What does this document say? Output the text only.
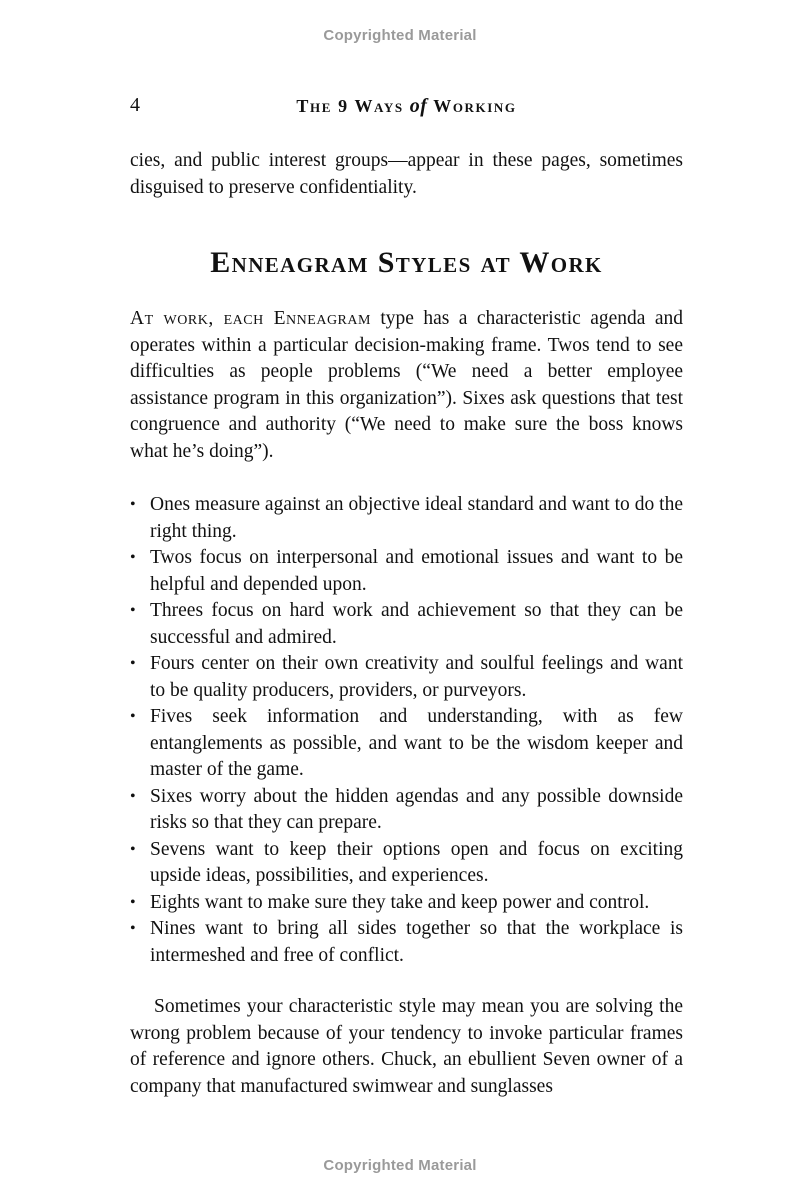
Copyrighted Material
4	The 9 Ways of Working

cies, and public interest groups—appear in these pages, sometimes disguised to preserve confidentiality.

Enneagram Styles at Work

At work, each Enneagram type has a characteristic agenda and operates within a particular decision-making frame. Twos tend to see difficulties as people problems (“We need a better employee assistance program in this organization”). Sixes ask questions that test congruence and authority (“We need to make sure the boss knows what he’s doing”).

• Ones measure against an objective ideal standard and want to do the right thing.
• Twos focus on interpersonal and emotional issues and want to be helpful and depended upon.
• Threes focus on hard work and achievement so that they can be successful and admired.
• Fours center on their own creativity and soulful feelings and want to be quality producers, providers, or purveyors.
• Fives seek information and understanding, with as few entanglements as possible, and want to be the wisdom keeper and master of the game.
• Sixes worry about the hidden agendas and any possible downside risks so that they can prepare.
• Sevens want to keep their options open and focus on exciting upside ideas, possibilities, and experiences.
• Eights want to make sure they take and keep power and control.
• Nines want to bring all sides together so that the workplace is intermeshed and free of conflict.

Sometimes your characteristic style may mean you are solving the wrong problem because of your tendency to invoke particular frames of reference and ignore others. Chuck, an ebullient Seven owner of a company that manufactured swimwear and sunglasses

Copyrighted Material
